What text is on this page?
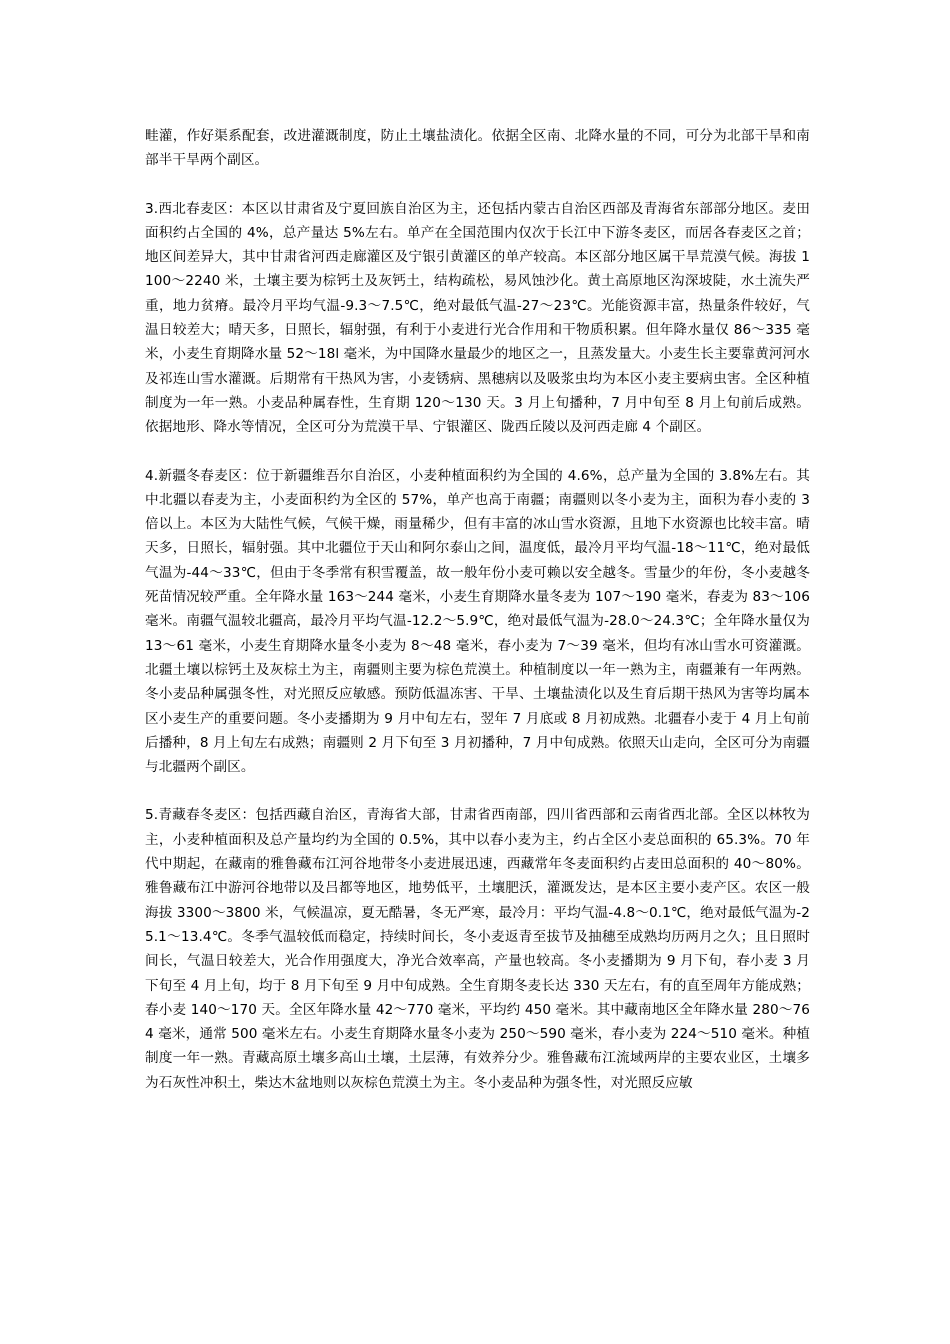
畦灌，作好渠系配套，改进灌溉制度，防止土壤盐渍化。依据全区南、北降水量的不同，可分为北部干旱和南部半干旱两个副区。

3.西北春麦区：本区以甘肃省及宁夏回族自治区为主，还包括内蒙古自治区西部及青海省东部部分地区。麦田面积约占全国的 4%，总产量达 5%左右。单产在全国范围内仅次于长江中下游冬麦区，而居各春麦区之首；地区间差异大，其中甘肃省河西走廊灌区及宁银引黄灌区的单产较高。本区部分地区属干旱荒漠气候。海拔 1100～2240 米，土壤主要为棕钙土及灰钙土，结构疏松，易风蚀沙化。黄土高原地区沟深坡陡，水土流失严重，地力贫瘠。最冷月平均气温-9.3～7.5℃，绝对最低气温-27～23℃。光能资源丰富，热量条件较好，气温日较差大；晴天多，日照长，辐射强，有利于小麦进行光合作用和干物质积累。但年降水量仅 86～335 毫米，小麦生育期降水量 52～18l 毫米，为中国降水量最少的地区之一，且蒸发量大。小麦生长主要靠黄河河水及祁连山雪水灌溉。后期常有干热风为害，小麦锈病、黑穗病以及吸浆虫均为本区小麦主要病虫害。全区种植制度为一年一熟。小麦品种属春性，生育期 120～130 天。3 月上旬播种，7 月中旬至 8 月上旬前后成熟。依据地形、降水等情况，全区可分为荒漠干旱、宁银灌区、陇西丘陵以及河西走廊 4 个副区。

4.新疆冬春麦区：位于新疆维吾尔自治区，小麦种植面积约为全国的 4.6%，总产量为全国的 3.8%左右。其中北疆以春麦为主，小麦面积约为全区的 57%，单产也高于南疆；南疆则以冬小麦为主，面积为春小麦的 3 倍以上。本区为大陆性气候，气候干燥，雨量稀少，但有丰富的冰山雪水资源，且地下水资源也比较丰富。晴天多，日照长，辐射强。其中北疆位于天山和阿尔泰山之间，温度低，最冷月平均气温-18～11℃，绝对最低气温为-44～33℃，但由于冬季常有积雪覆盖，故一般年份小麦可赖以安全越冬。雪量少的年份，冬小麦越冬死苗情况较严重。全年降水量 163～244 毫米，小麦生育期降水量冬麦为 107～190 毫米，春麦为 83～106 毫米。南疆气温较北疆高，最冷月平均气温-12.2～5.9℃，绝对最低气温为-28.0～24.3℃；全年降水量仅为 13～61 毫米，小麦生育期降水量冬小麦为 8～48 毫米，春小麦为 7～39 毫米，但均有冰山雪水可资灌溉。北疆土壤以棕钙土及灰棕土为主，南疆则主要为棕色荒漠土。种植制度以一年一熟为主，南疆兼有一年两熟。冬小麦品种属强冬性，对光照反应敏感。预防低温冻害、干旱、土壤盐渍化以及生育后期干热风为害等均属本区小麦生产的重要问题。冬小麦播期为 9 月中旬左右，翌年 7 月底或 8 月初成熟。北疆春小麦于 4 月上旬前后播种，8 月上旬左右成熟；南疆则 2 月下旬至 3 月初播种，7 月中旬成熟。依照天山走向，全区可分为南疆与北疆两个副区。

5.青藏春冬麦区：包括西藏自治区，青海省大部，甘肃省西南部，四川省西部和云南省西北部。全区以林牧为主，小麦种植面积及总产量均约为全国的 0.5%，其中以春小麦为主，约占全区小麦总面积的 65.3%。70 年代中期起，在藏南的雅鲁藏布江河谷地带冬小麦进展迅速，西藏常年冬麦面积约占麦田总面积的 40～80%。雅鲁藏布江中游河谷地带以及吕都等地区，地势低平，土壤肥沃，灌溉发达，是本区主要小麦产区。农区一般海拔 3300～3800 米，气候温凉，夏无酷暑，冬无严寒，最冷月：平均气温-4.8～0.1℃，绝对最低气温为-25.1～13.4℃。冬季气温较低而稳定，持续时间长，冬小麦返青至拔节及抽穗至成熟均历两月之久；且日照时间长，气温日较差大，光合作用强度大，净光合效率高，产量也较高。冬小麦播期为 9 月下旬，春小麦 3 月下旬至 4 月上旬，均于 8 月下旬至 9 月中旬成熟。全生育期冬麦长达 330 天左右，有的直至周年方能成熟；春小麦 140～170 天。全区年降水量 42～770 毫米，平均约 450 毫米。其中藏南地区全年降水量 280～764 毫米，通常 500 毫米左右。小麦生育期降水量冬小麦为 250～590 毫米，春小麦为 224～510 毫米。种植制度一年一熟。青藏高原土壤多高山土壤，土层薄，有效养分少。雅鲁藏布江流域两岸的主要农业区，土壤多为石灰性冲积土，柴达木盆地则以灰棕色荒漠土为主。冬小麦品种为强冬性，对光照反应敏
